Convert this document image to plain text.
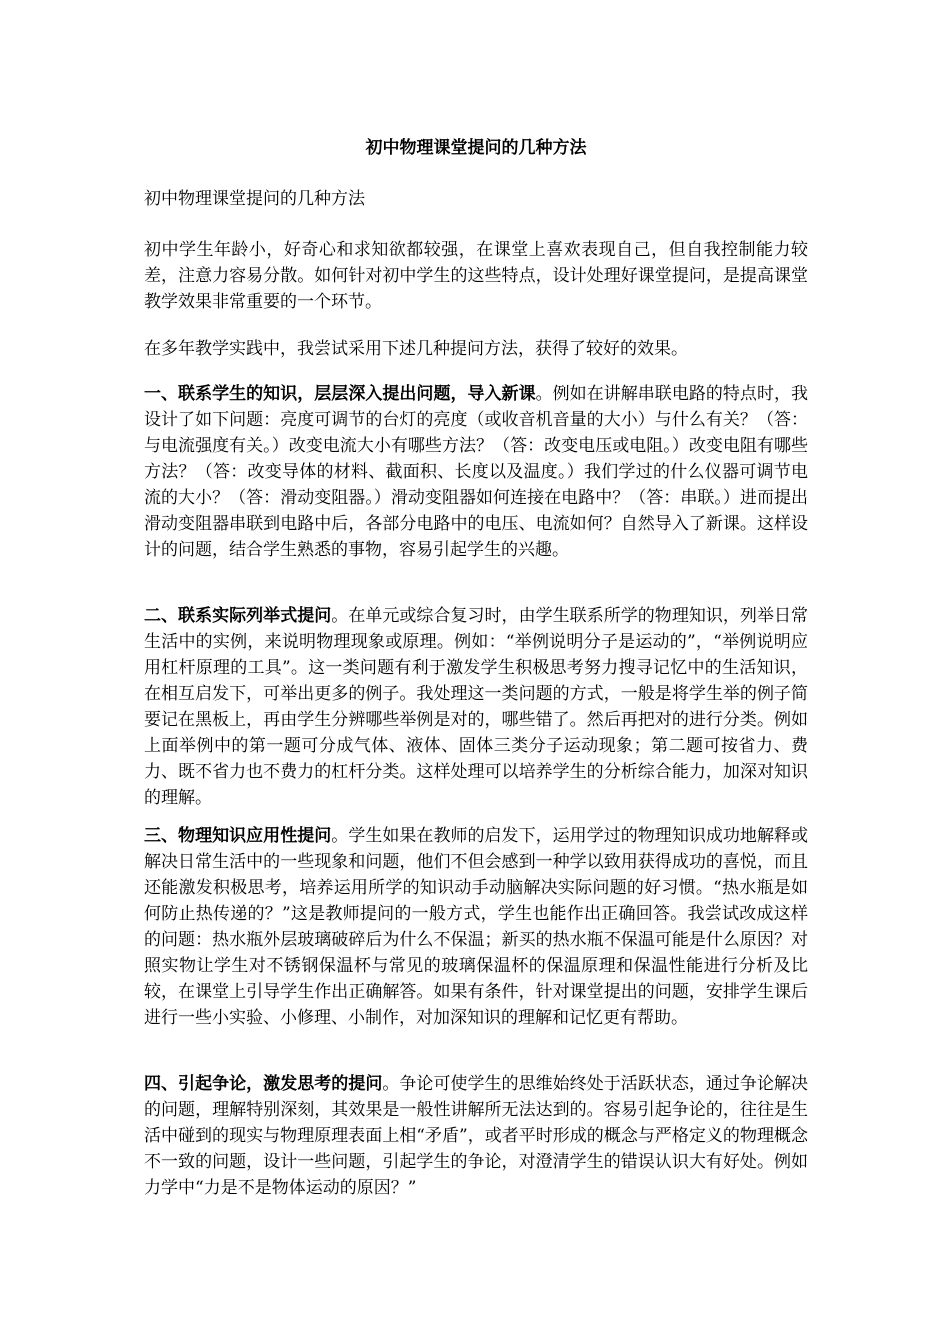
初中物理课堂提问的几种方法

初中物理课堂提问的几种方法

初中学生年龄小，好奇心和求知欲都较强，在课堂上喜欢表现自己，但自我控制能力较差，注意力容易分散。如何针对初中学生的这些特点，设计处理好课堂提问，是提高课堂教学效果非常重要的一个环节。

在多年教学实践中，我尝试采用下述几种提问方法，获得了较好的效果。

一、联系学生的知识，层层深入提出问题，导入新课。例如在讲解串联电路的特点时，我设计了如下问题：亮度可调节的台灯的亮度（或收音机音量的大小）与什么有关？（答：与电流强度有关。）改变电流大小有哪些方法？（答：改变电压或电阻。）改变电阻有哪些方法？（答：改变导体的材料、截面积、长度以及温度。）我们学过的什么仪器可调节电流的大小？（答：滑动变阻器。）滑动变阻器如何连接在电路中？（答：串联。）进而提出滑动变阻器串联到电路中后，各部分电路中的电压、电流如何？自然导入了新课。这样设计的问题，结合学生熟悉的事物，容易引起学生的兴趣。

二、联系实际列举式提问。在单元或综合复习时，由学生联系所学的物理知识，列举日常生活中的实例，来说明物理现象或原理。例如：“举例说明分子是运动的”，“举例说明应用杠杆原理的工具”。这一类问题有利于激发学生积极思考努力搜寻记忆中的生活知识，在相互启发下，可举出更多的例子。我处理这一类问题的方式，一般是将学生举的例子简要记在黑板上，再由学生分辨哪些举例是对的，哪些错了。然后再把对的进行分类。例如上面举例中的第一题可分成气体、液体、固体三类分子运动现象；第二题可按省力、费力、既不省力也不费力的杠杆分类。这样处理可以培养学生的分析综合能力，加深对知识的理解。

三、物理知识应用性提问。学生如果在教师的启发下，运用学过的物理知识成功地解释或解决日常生活中的一些现象和问题，他们不但会感到一种学以致用获得成功的喜悦，而且还能激发积极思考，培养运用所学的知识动手动脑解决实际问题的好习惯。“热水瓶是如何防止热传递的？”这是教师提问的一般方式，学生也能作出正确回答。我尝试改成这样的问题：热水瓶外层玻璃破碎后为什么不保温；新买的热水瓶不保温可能是什么原因？对照实物让学生对不锈钢保温杯与常见的玻璃保温杯的保温原理和保温性能进行分析及比较，在课堂上引导学生作出正确解答。如果有条件，针对课堂提出的问题，安排学生课后进行一些小实验、小修理、小制作，对加深知识的理解和记忆更有帮助。

四、引起争论，激发思考的提问。争论可使学生的思维始终处于活跃状态，通过争论解决的问题，理解特别深刻，其效果是一般性讲解所无法达到的。容易引起争论的，往往是生活中碰到的现实与物理原理表面上相“矛盾”，或者平时形成的概念与严格定义的物理概念不一致的问题，设计一些问题，引起学生的争论，对澄清学生的错误认识大有好处。例如力学中“力是不是物体运动的原因？”
